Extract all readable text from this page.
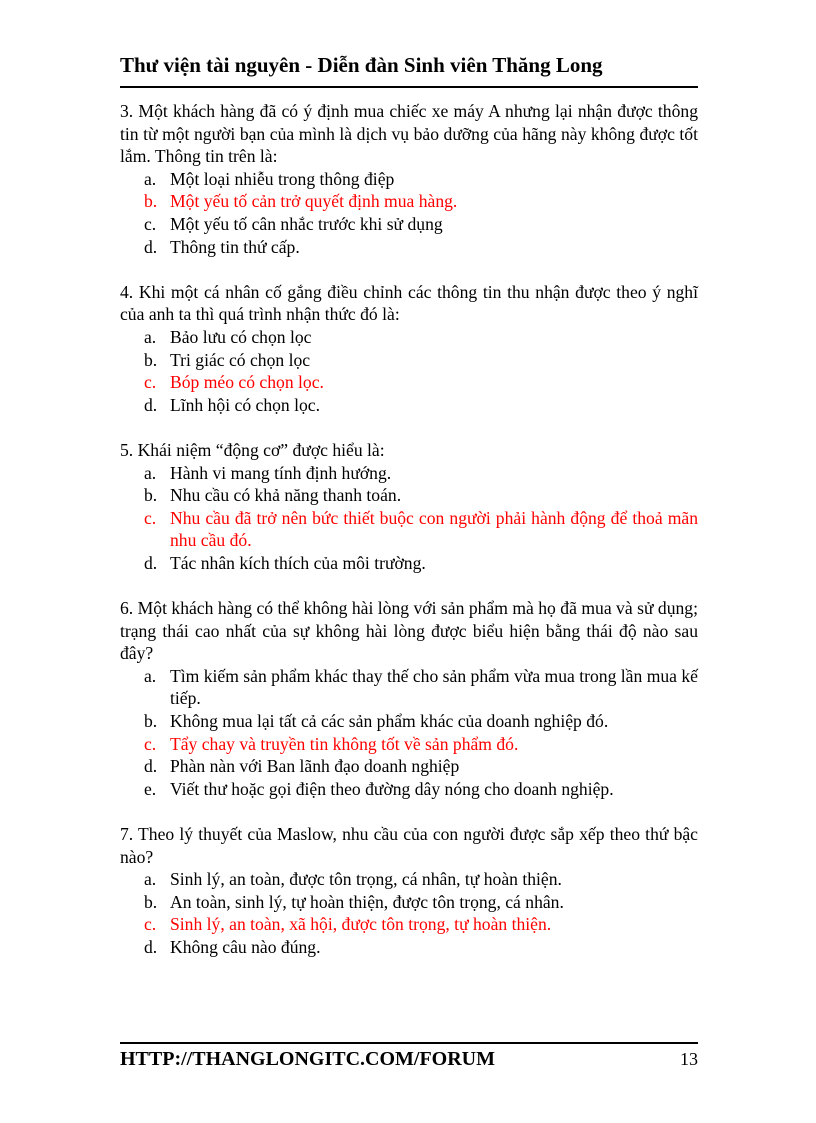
Thư viện tài nguyên - Diễn đàn Sinh viên Thăng Long

3. Một khách hàng đã có ý định mua chiếc xe máy A nhưng lại nhận được thông tin từ một người bạn của mình là dịch vụ bảo dưỡng của hãng này không được tốt lắm. Thông tin trên là:

a. Một loại nhiễu trong thông điệp
b. Một yếu tố cản trở quyết định mua hàng.
c. Một yếu tố cân nhắc trước khi sử dụng
d. Thông tin thứ cấp.

4. Khi một cá nhân cố gắng điều chỉnh các thông tin thu nhận được theo ý nghĩ của anh ta thì quá trình nhận thức đó là:

a. Bảo lưu có chọn lọc
b. Tri giác có chọn lọc
c. Bóp méo có chọn lọc.
d. Lĩnh hội có chọn lọc.

5. Khái niệm “động cơ” được hiểu là:

a. Hành vi mang tính định hướng.
b. Nhu cầu có khả năng thanh toán.
c. Nhu cầu đã trở nên bức thiết buộc con người phải hành động để thoả mãn nhu cầu đó.
d. Tác nhân kích thích của môi trường.

6. Một khách hàng có thể không hài lòng với sản phẩm mà họ đã mua và sử dụng; trạng thái cao nhất của sự không hài lòng được biểu hiện bằng thái độ nào sau đây?

a. Tìm kiếm sản phẩm khác thay thế cho sản phẩm vừa mua trong lần mua kế tiếp.
b. Không mua lại tất cả các sản phẩm khác của doanh nghiệp đó.
c. Tẩy chay và truyền tin không tốt về sản phẩm đó.
d. Phàn nàn với Ban lãnh đạo doanh nghiệp
e. Viết thư hoặc gọi điện theo đường dây nóng cho doanh nghiệp.

7. Theo lý thuyết của Maslow, nhu cầu của con người được sắp xếp theo thứ bậc nào?

a. Sinh lý, an toàn, được tôn trọng, cá nhân, tự hoàn thiện.
b. An toàn, sinh lý, tự hoàn thiện, được tôn trọng, cá nhân.
c. Sinh lý, an toàn, xã hội, được tôn trọng, tự hoàn thiện.
d. Không câu nào đúng.
HTTP://THANGLONGITC.COM/FORUM	13
